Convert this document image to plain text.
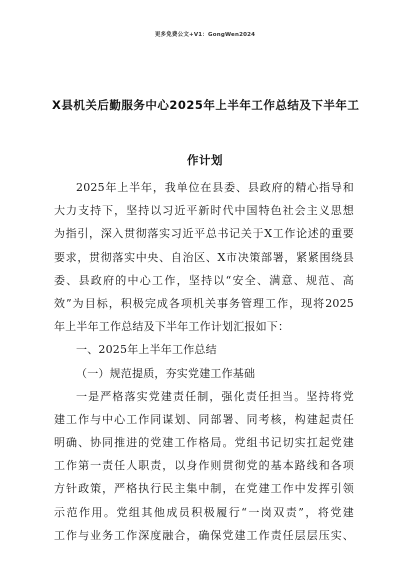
更多免费公文+V1：GongWen2024
X县机关后勤服务中心2025年上半年工作总结及下半年工
作计划
2025年上半年，我单位在县委、县政府的精心指导和
大力支持下，坚持以习近平新时代中国特色社会主义思想
为指引，深入贯彻落实习近平总书记关于X工作论述的重要
要求，贯彻落实中央、自治区、X市决策部署，紧紧围绕县
委、县政府的中心工作，坚持以“安全、满意、规范、高
效”为目标，积极完成各项机关事务管理工作，现将2025
年上半年工作总结及下半年工作计划汇报如下：
一、2025年上半年工作总结
（一）规范提质，夯实党建工作基础
一是严格落实党建责任制，强化责任担当。坚持将党
建工作与中心工作同谋划、同部署、同考核，构建起责任
明确、协同推进的党建工作格局。党组书记切实扛起党建
工作第一责任人职责，以身作则贯彻党的基本路线和各项
方针政策，严格执行民主集中制，在党建工作中发挥引领
示范作用。党组其他成员积极履行“一岗双责”，将党建
工作与业务工作深度融合，确保党建工作责任层层压实、
